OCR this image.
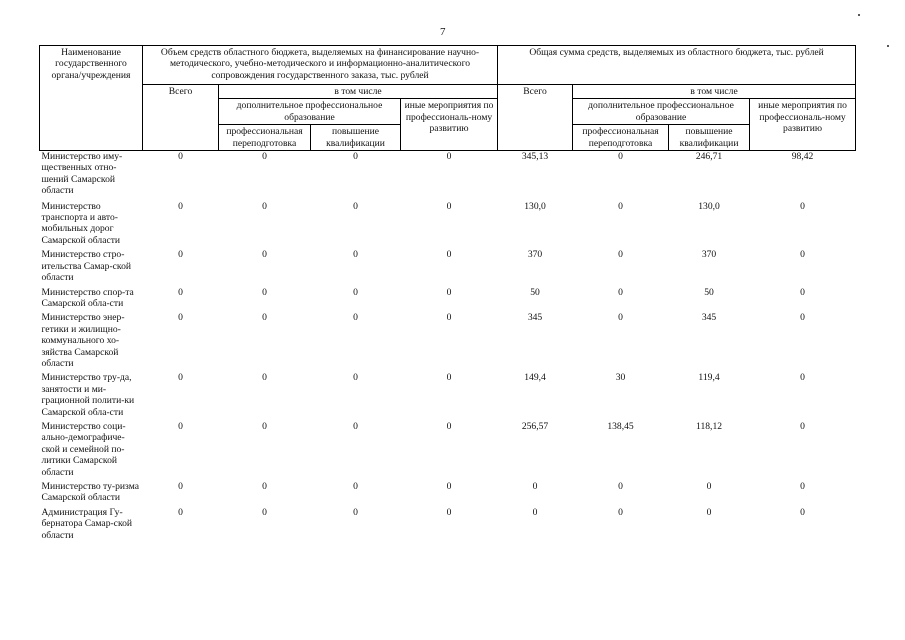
7
Наименование государственного органа/учреждения	Объем средств областного бюджета, выделяемых на финансирование научно-методического, учебно-методического и информационно-аналитического сопровождения государственного заказа, тыс. рублей				Общая сумма средств, выделяемых из областного бюджета, тыс. рублей			
	Всего	в том числе			Всего	в том числе		
		дополнительное профессиональное образование		иные мероприятия по профессиональ-ному развитию		дополнительное профессиональное образование		иные мероприятия по профессиональ-ному развитию
		профессиональная переподготовка	повышение квалификации			профессиональная переподготовка	повышение квалификации	
Министерство иму-щественных отно-шений Самарской области	0	0	0	0	345,13	0	246,71	98,42
Министерство транспорта и авто-мобильных дорог Самарской области	0	0	0	0	130,0	0	130,0	0
Министерство стро-ительства Самар-ской области	0	0	0	0	370	0	370	0
Министерство спор-та Самарской обла-сти	0	0	0	0	50	0	50	0
Министерство энер-гетики и жилищно-коммунального хо-зяйства Самарской области	0	0	0	0	345	0	345	0
Министерство тру-да, занятости и ми-грационной полити-ки Самарской обла-сти	0	0	0	0	149,4	30	119,4	0
Министерство соци-ально-демографиче-ской и семейной по-литики Самарской области	0	0	0	0	256,57	138,45	118,12	0
Министерство ту-ризма Самарской области	0	0	0	0	0	0	0	0
Администрация Гу-бернатора Самар-ской области	0	0	0	0	0	0	0	0
